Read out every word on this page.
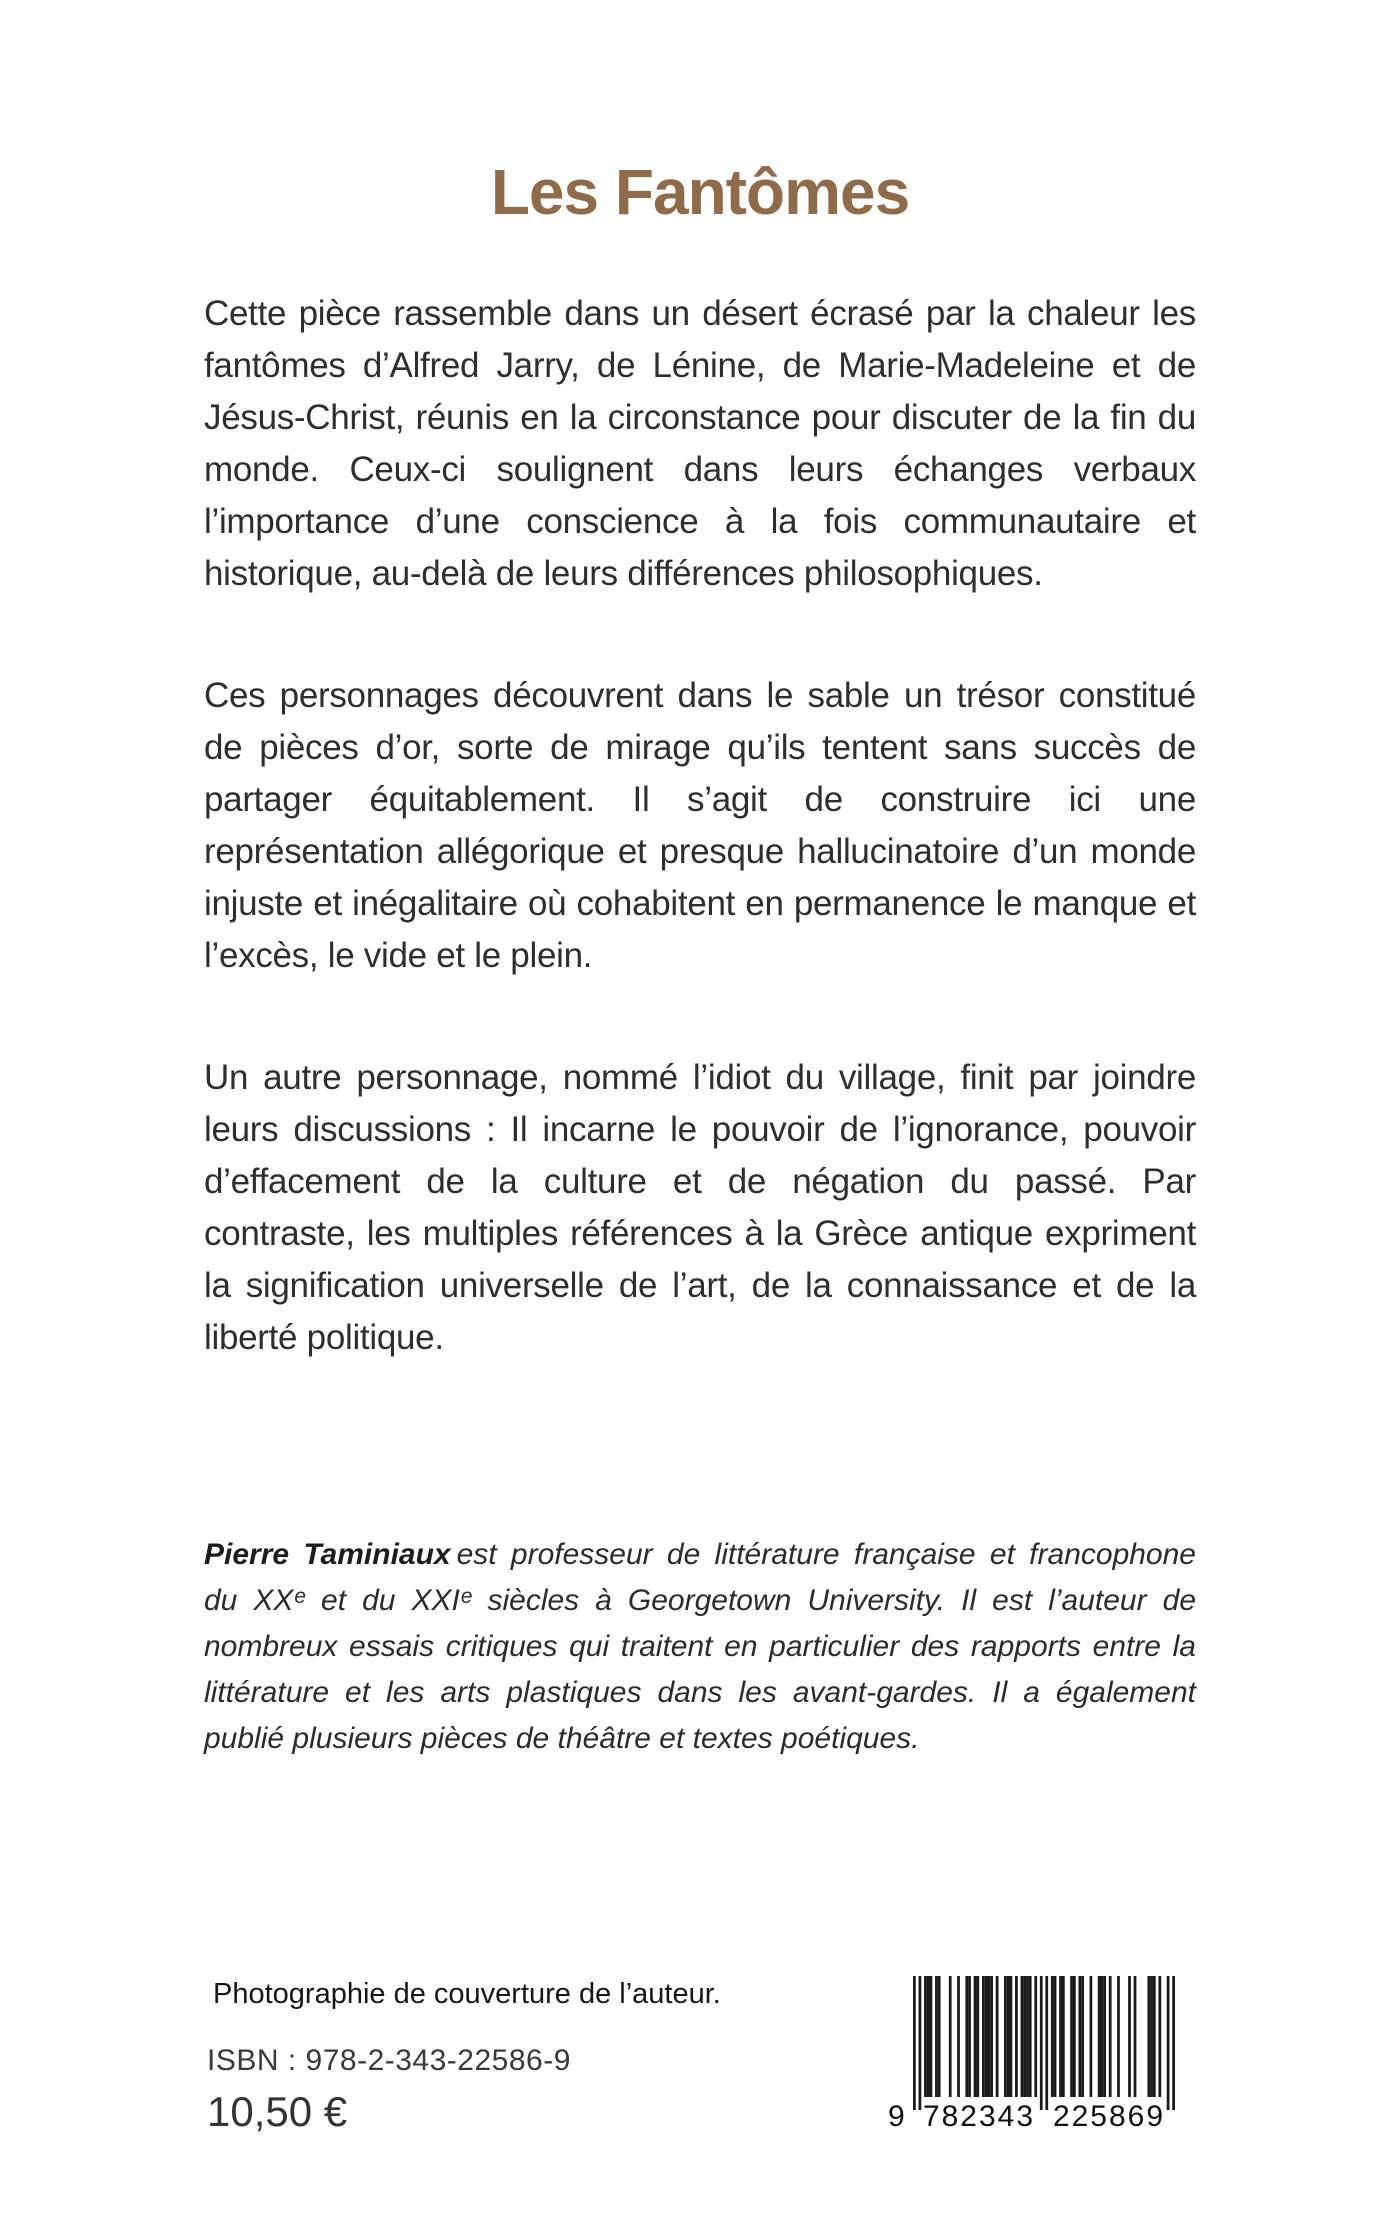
Les Fantômes

Cette pièce rassemble dans un désert écrasé par la chaleur les fantômes d’Alfred Jarry, de Lénine, de Marie-Madeleine et de Jésus-Christ, réunis en la circonstance pour discuter de la fin du monde. Ceux-ci soulignent dans leurs échanges verbaux l’importance d’une conscience à la fois communautaire et historique, au-delà de leurs différences philosophiques.

Ces personnages découvrent dans le sable un trésor constitué de pièces d’or, sorte de mirage qu’ils tentent sans succès de partager équitablement. Il s’agit de construire ici une représentation allégorique et presque hallucinatoire d’un monde injuste et inégalitaire où cohabitent en permanence le manque et l’excès, le vide et le plein.

Un autre personnage, nommé l’idiot du village, finit par joindre leurs discussions : Il incarne le pouvoir de l’ignorance, pouvoir d’effacement de la culture et de négation du passé. Par contraste, les multiples références à la Grèce antique expriment la signification universelle de l’art, de la connaissance et de la liberté politique.

Pierre Taminiaux est professeur de littérature française et francophone du XXᵉ et du XXIᵉ siècles à Georgetown University. Il est l’auteur de nombreux essais critiques qui traitent en particulier des rapports entre la littérature et les arts plastiques dans les avant-gardes. Il a également publié plusieurs pièces de théâtre et textes poétiques.

Photographie de couverture de l’auteur.
ISBN : 978-2-343-22586-9
10,50 €	9 782343 225869
